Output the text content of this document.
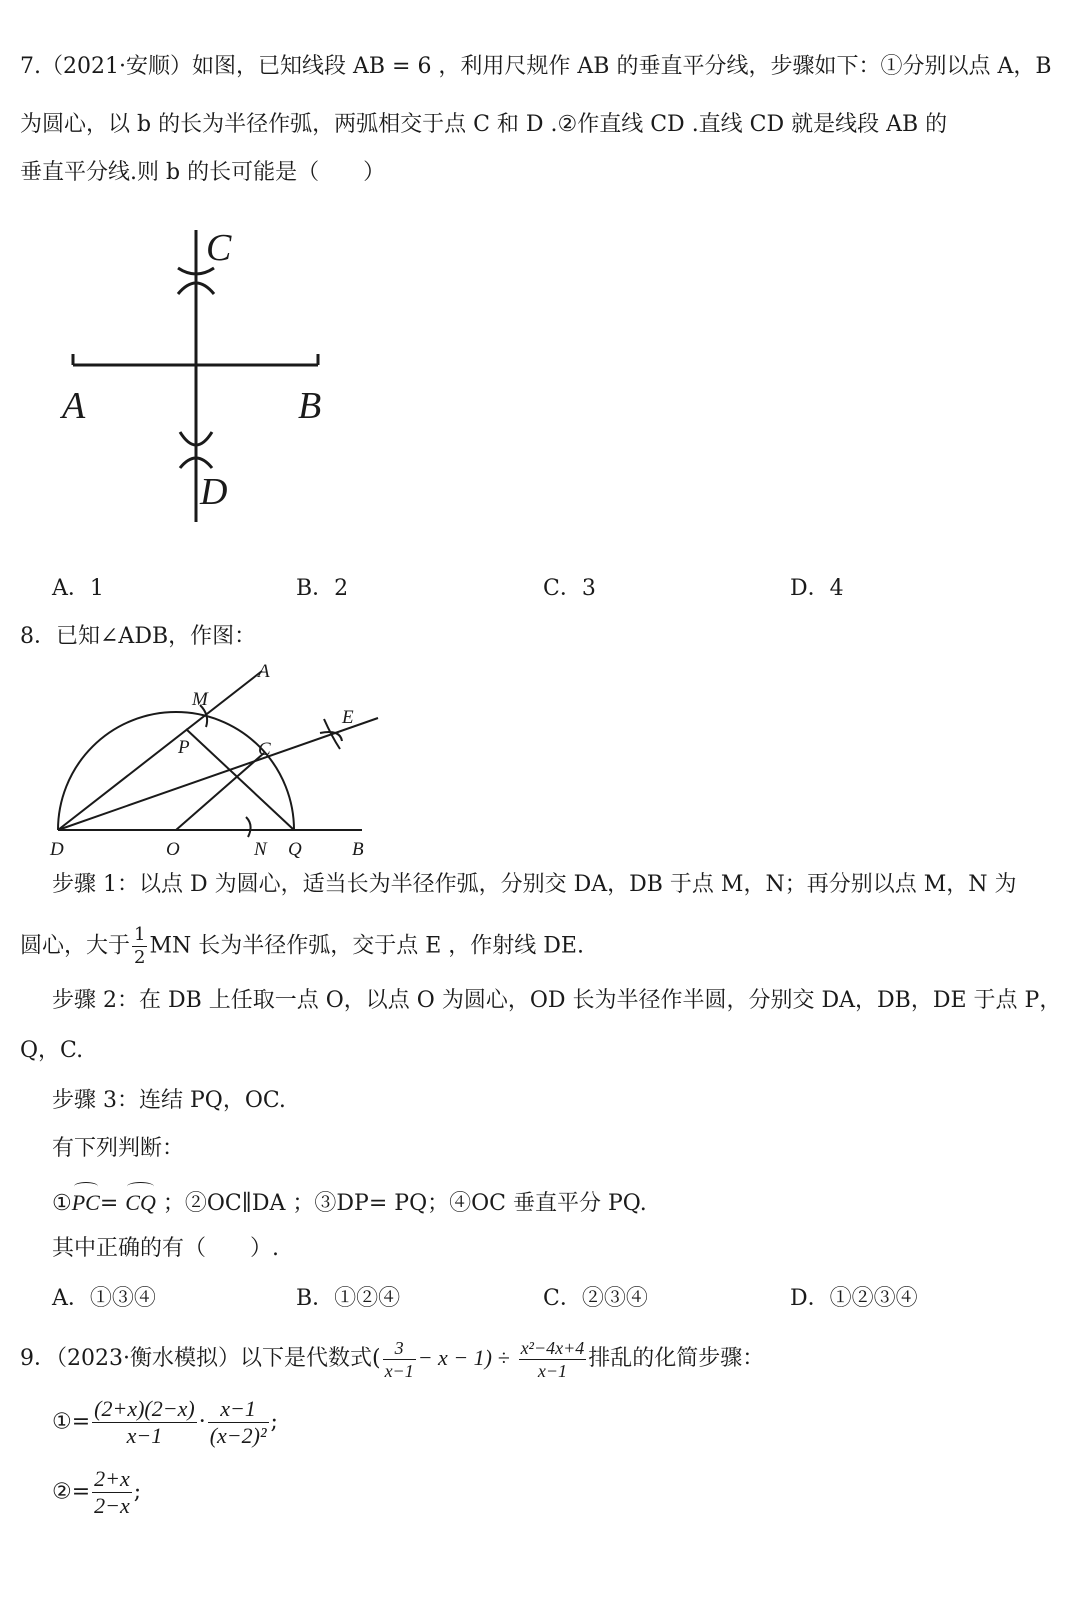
7.（2021·安顺）如图，已知线段 AB = 6 ，利用尺规作 AB 的垂直平分线，步骤如下：①分别以点 A，B
为圆心，以 b 的长为半径作弧，两弧相交于点 C 和 D .②作直线 CD .直线 CD 就是线段 AB 的
垂直平分线.则 b 的长可能是（　　）
C
A	B
D
A．1	B．2	C．3	D．4
8．已知∠ADB，作图：
A
M
P	C
E
D	O	N Q	B
步骤 1：以点 D 为圆心，适当长为半径作弧，分别交 DA，DB 于点 M，N；再分别以点 M，N 为
圆心，大于 $\frac{1}{2}$ MN 长为半径作弧，交于点 E ，作射线 DE.
步骤 2：在 DB 上任取一点 O，以点 O 为圆心，OD 长为半径作半圆，分别交 DA，DB，DE 于点 P，
Q，C.
步骤 3：连结 PQ，OC.
有下列判断：
①
PC= CQ ；②OC∥DA ；③DP= PQ；④OC 垂直平分 PQ.
其中正确的有（　　）.
A．①③④	B．①②④	C．②③④	D．①②③④
9．（2023·衡水模拟）以下是代数式( $\frac{3}{x-1} - x - 1) \div \frac{\text{x²−4x+4}}{x-1}$ 排乱的化简步骤：
①= $\frac{(2+x)(2-x)}{x-1} \cdot \frac{x-1}{\text{(x−2)²}}$ ;
②= $\frac{2+x}{2-x}$ ;
